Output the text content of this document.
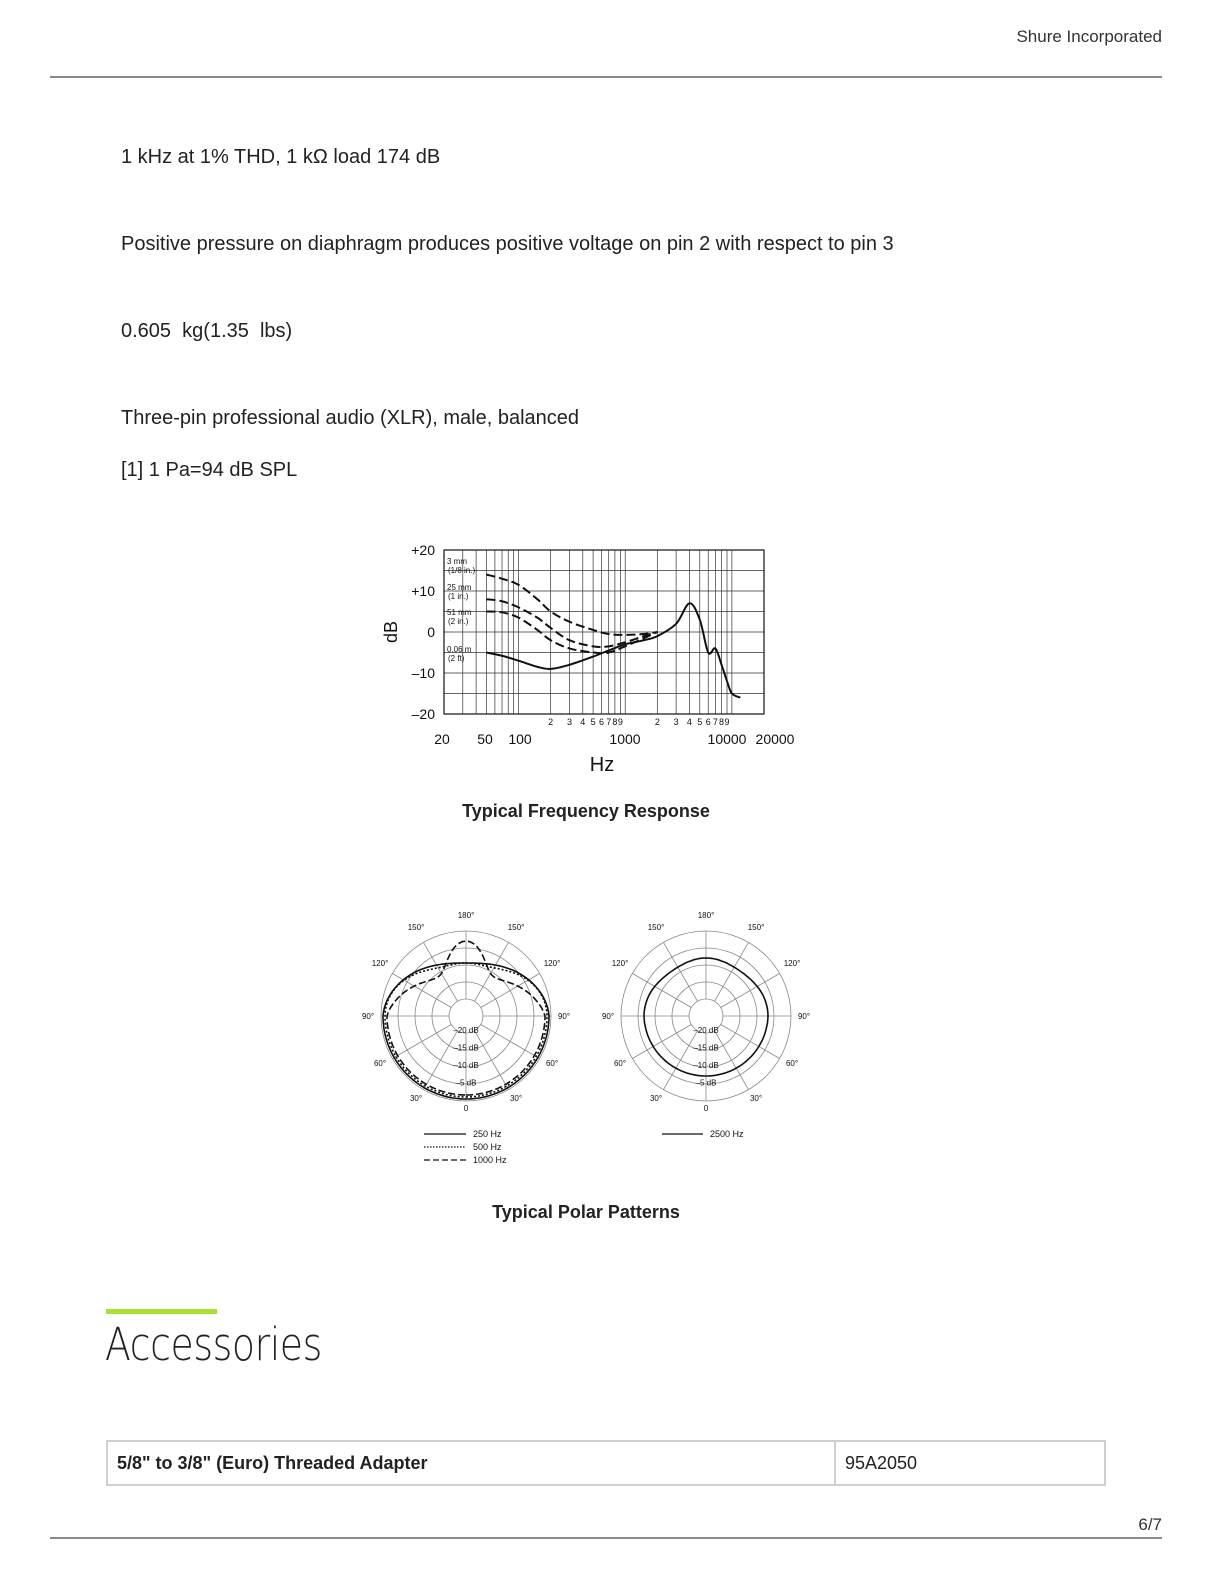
Shure Incorporated
1 kHz at 1% THD, 1 kΩ load 174 dB
Positive pressure on diaphragm produces positive voltage on pin 2 with respect to pin 3
0.605  kg(1.35  lbs)
Three-pin professional audio (XLR), male, balanced
[1] 1 Pa=94 dB SPL
+20
+10
0
–10
–20
20 50 100	1000	10000 20000
2 3 4 5 6 7 8 9	2 3 4 5 6 7 8 9
dB
Hz
3 mm
(1/8 in.)
25 mm
(1 in.)
51 mm
(2 in.)
0.06 m
(2 ft)
Typical Frequency Response
180°
150°	150°
120°	120°
90°	90°
60°	60°
30°	30°
0
–20 dB
–15 dB
–10 dB
–5 dB
180°
150°	150°
120°	120°
90°	90°
60°	60°
30°	30°
0
–20 dB
–15 dB
–10 dB
–5 dB
250 Hz
500 Hz
1000 Hz
2500 Hz
Typical Polar Patterns
Accessories
5/8" to 3/8" (Euro) Threaded Adapter	95A2050
6/7
